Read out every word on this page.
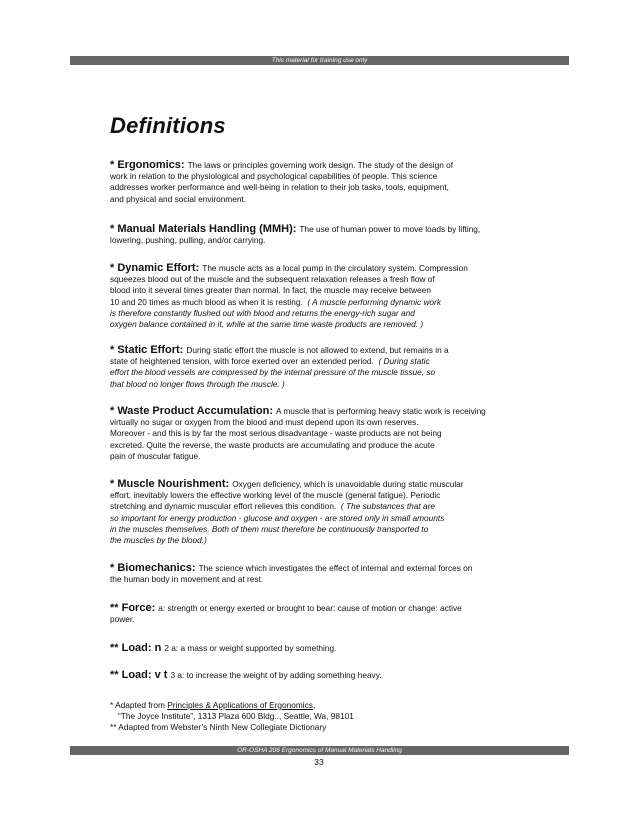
This material for training use only
Definitions
* Ergonomics: The laws or principles governing work design. The study of the design of
work in relation to the physiological and psychological capabilities of people. This science
addresses worker performance and well-being in relation to their job tasks, tools, equipment,
and physical and social environment.
* Manual Materials Handling (MMH): The use of human power to move loads by lifting,
lowering, pushing, pulling, and/or carrying.
* Dynamic Effort: The muscle acts as a local pump in the circulatory system. Compression
squeezes blood out of the muscle and the subsequent relaxation releases a fresh flow of
blood into it several times greater than normal. In fact, the muscle may receive between
10 and 20 times as much blood as when it is resting. ( A muscle performing dynamic work
is therefore constantly flushed out with blood and returns the energy-rich sugar and
oxygen balance contained in it, while at the same time waste products are removed. )
* Static Effort: During static effort the muscle is not allowed to extend, but remains in a
state of heightened tension, with force exerted over an extended period. ( During static
effort the blood vessels are compressed by the internal pressure of the muscle tissue, so
that blood no longer flows through the muscle. )
* Waste Product Accumulation: A muscle that is performing heavy static work is receiving
virtually no sugar or oxygen from the blood and must depend upon its own reserves.
Moreover - and this is by far the most serious disadvantage - waste products are not being
excreted. Quite the reverse, the waste products are accumulating and produce the acute
pain of muscular fatigue.
* Muscle Nourishment: Oxygen deficiency, which is unavoidable during static muscular
effort, inevitably lowers the effective working level of the muscle (general fatigue). Periodic
stretching and dynamic muscular effort relieves this condition. ( The substances that are
so important for energy production - glucose and oxygen - are stored only in small amounts
in the muscles themselves. Both of them must therefore be continuously transported to
the muscles by the blood.)
* Biomechanics: The science which investigates the effect of internal and external forces on
the human body in movement and at rest.
** Force: a: strength or energy exerted or brought to bear: cause of motion or change: active
power.
** Load: n 2 a: a mass or weight supported by something.
** Load: v t 3 a: to increase the weight of by adding something heavy.
* Adapted from Principles & Applications of Ergonomics,
“The Joyce Institute”, 1313 Plaza 600 Bldg.., Seattle, Wa, 98101
** Adapted from Webster’s Ninth New Collegiate Dictionary
OR-OSHA 206 Ergonomics of Manual Materials Handling
33
